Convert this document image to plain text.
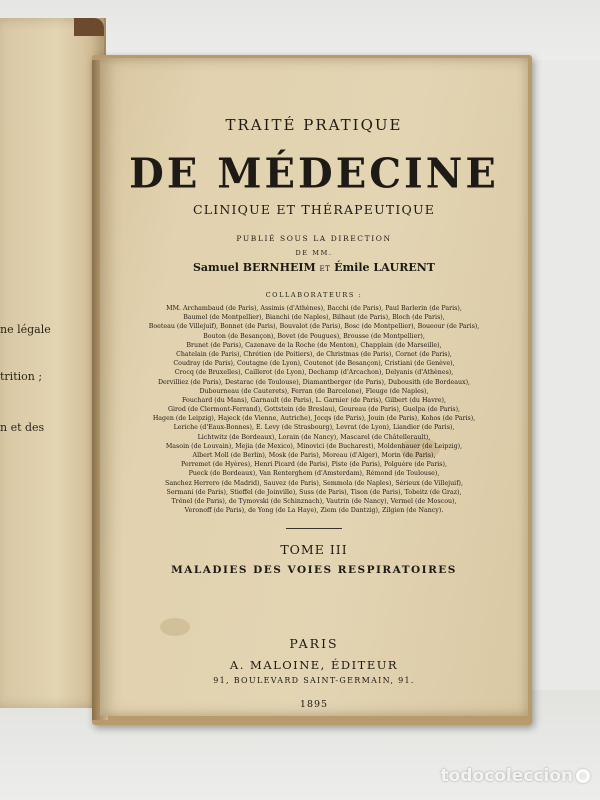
ne légale
trition ;
n et des
TRAITÉ PRATIQUE
DE MÉDECINE
CLINIQUE ET THÉRAPEUTIQUE
PUBLIÉ SOUS LA DIRECTION
DE MM.
Samuel BERNHEIM ET Émile LAURENT
COLLABORATEURS :
MM. Archambaud (de Paris), Assimis (d'Athènes), Bacchi (de Paris), Paul Barlerin (de Paris),
Baumel (de Montpellier), Bianchi (de Naples), Bilhaut (de Paris), Bloch (de Paris),
Boeteau (de Villejuif), Bonnet (de Paris), Bouvalot (de Paris), Bosc (de Montpellier), Boueour (de Paris),
Bouton (de Besançon), Bovet (de Pougues), Brousse (de Montpellier),
Brunet (de Paris), Cazenave de la Roche (de Menton), Chapplain (de Marseille),
Chatelain (de Paris), Chrétien (de Poitiers), de Christmas (de Paris), Cornet (de Paris),
Coudray (de Paris), Coutagne (de Lyon), Coutenot (de Besançon), Cristiani (de Genève),
Crocq (de Bruxelles), Caillerot (de Lyon), Dechamp (d'Arcachon), Delyanis (d'Athènes),
Dervilliez (de Paris), Destarac (de Toulouse), Diamantberger (de Paris), Dubousith (de Bordeaux),
Dubourneau (de Cauterets), Ferran (de Barcelone), Fleuge (de Naples),
Fouchard (du Mans), Garnault (de Paris), L. Garnier (de Paris), Gilbert (du Havre),
Girod (de Clermont-Ferrand), Gottstein (de Breslau), Goureau (de Paris), Guelpa (de Paris),
Hagen (de Leipzig), Hajeck (de Vienne, Autriche), Jocqs (de Paris), Jouin (de Paris), Kohos (de Paris),
Leriche (d'Eaux-Bonnes), E. Levy (de Strasbourg), Levrat (de Lyon), Liandier (de Paris),
Lichtwitz (de Bordeaux), Lorain (de Nancy), Mascarel (de Châtellerault),
Masoin (de Louvain), Mejia (de Mexico), Minovici (de Bucharest), Moldenhauer (de Leipzig),
Albert Moll (de Berlin), Mosk (de Paris), Moreau (d'Alger), Morin (de Paris),
Perremet (de Hyères), Henri Picard (de Paris), Piste (de Paris), Polguère (de Paris),
Pueck (de Bordeaux), Van Renterghem (d'Amsterdam), Rémond (de Toulouse),
Sanchez Herrero (de Madrid), Sauvez (de Paris), Semmola (de Naples), Sérieux (de Villejuif),
Sermani (de Paris), Stieffel (de Joinville), Suss (de Paris), Tison (de Paris), Tobeitz (de Graz),
Trénel (de Paris), de Tymovski (de Schinznach), Vautrin (de Nancy), Vermel (de Moscou),
Veronoff (de Paris), de Yong (de La Haye), Ziem (de Dantzig), Zilgien (de Nancy).
TOME III
MALADIES DES VOIES RESPIRATOIRES
PARIS
A. MALOINE, ÉDITEUR
91, BOULEVARD SAINT-GERMAIN, 91.
1895
todocoleccion
